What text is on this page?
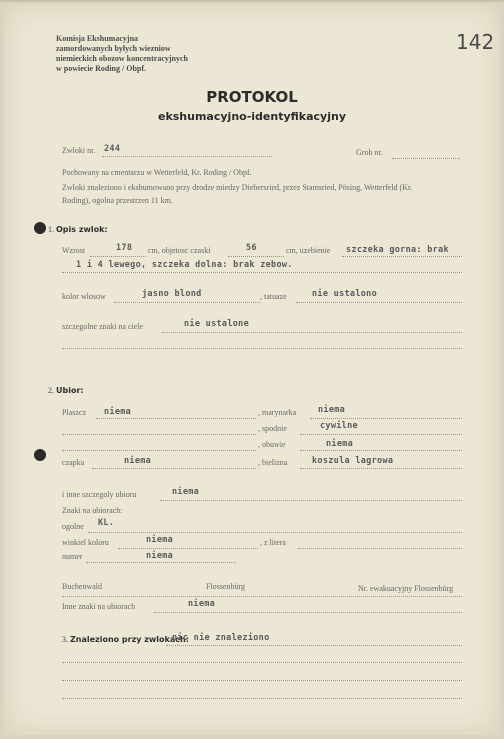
Komisja Ekshumacyjna
zamordowanych byłych wiezniow
niemieckich obozow koncentracyjnych
w powiecie Roding / Obpf.
142
PROTOKOL
ekshumacyjno-identyfikacyjny
Zwloki nr. 244	Grob nr.
Pochowany na cmentarzu w Wetterfeld, Kr. Roding / Obpf.
Zwloki znaleziono i ekshumowano przy drodze miedzy Diebersried, przez Stamsried, Pösing, Wetterfeld (Kr.
Roding), ogolna przestrzen 11 km.
1. Opis zwlok:
Wzrost	178 cm, objetosc czaski	56	cm, uzebienie szczeka gorna: brak
1 i 4 lewego, szczeka dolna: brak zebow.
kolor wlosow	jasno blond	, tatuaze	nie ustalono
szczegolne znaki na ciele	nie ustalone
2. Ubior:
Plaszcz niema	, marynarka	niema
, spodnie	cywilne
, obuwie	niema
czapka	niema	, bielizna	koszula lagrowa
i inne szczegoly ubioru	niema
Znaki na ubiorach:
ogolne KL.
winkiel koloru	niema	, z litera
numer	niema
Buchenwald	Flossenbürg	Nr. ewakuacyjny Flossenbürg
Inne znaki na ubiorach	niema
3. Znaleziono przy zwlokach:
nic nie znaleziono
